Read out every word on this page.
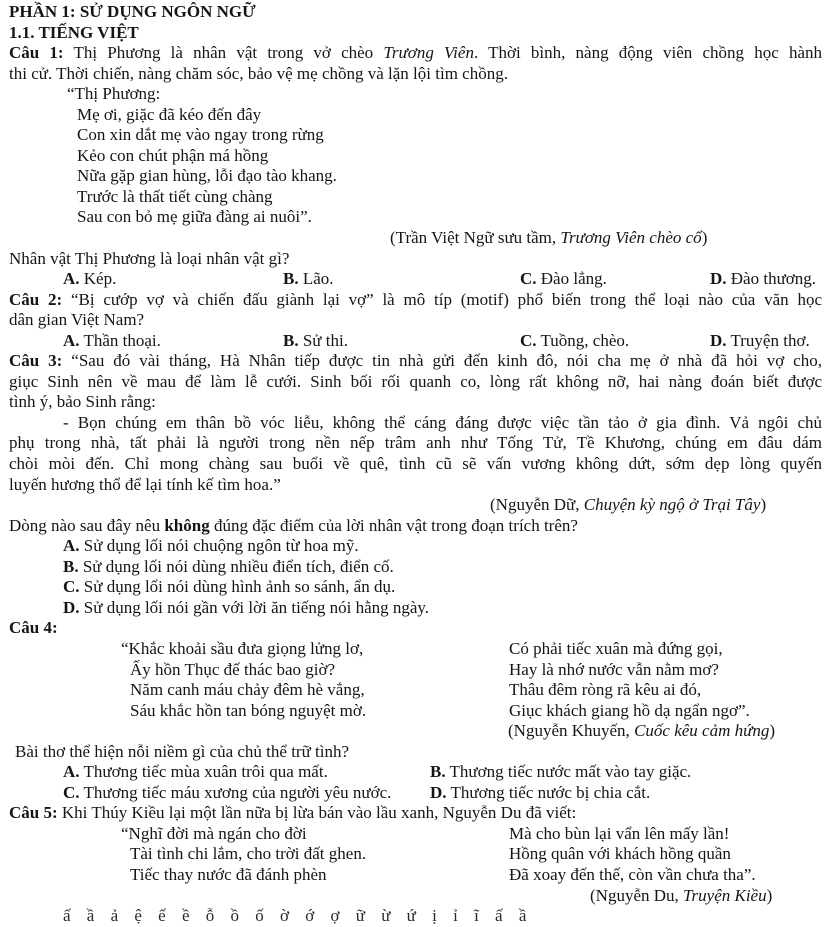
PHẦN 1: SỬ DỤNG NGÔN NGỮ
1.1. TIẾNG VIỆT
Câu 1: Thị Phương là nhân vật trong vở chèo Trương Viên. Thời bình, nàng động viên chồng học hành
thi cử. Thời chiến, nàng chăm sóc, bảo vệ mẹ chồng và lặn lội tìm chồng.
“Thị Phương:
Mẹ ơi, giặc đã kéo đến đây
Con xin dắt mẹ vào ngay trong rừng
Kẻo con chút phận má hồng
Nữa gặp gian hùng, lỗi đạo tào khang.
Trước là thất tiết cùng chàng
Sau con bỏ mẹ giữa đàng ai nuôi”.
(Trần Việt Ngữ sưu tầm, Trương Viên chèo cổ)
Nhân vật Thị Phương là loại nhân vật gì?
A. Kép.	B. Lão.	C. Đào lẳng.	D. Đào thương.
Câu 2: “Bị cướp vợ và chiến đấu giành lại vợ” là mô típ (motif) phổ biến trong thể loại nào của văn học
dân gian Việt Nam?
A. Thần thoại.	B. Sử thi.	C. Tuồng, chèo.	D. Truyện thơ.
Câu 3: “Sau đó vài tháng, Hà Nhân tiếp được tin nhà gửi đến kinh đô, nói cha mẹ ở nhà đã hỏi vợ cho,
giục Sinh nên về mau để làm lễ cưới. Sinh bối rối quanh co, lòng rất không nỡ, hai nàng đoán biết được
tình ý, bảo Sinh rằng:
- Bọn chúng em thân bồ vóc liễu, không thể cáng đáng được việc tần tảo ở gia đình. Vả ngôi chủ
phụ trong nhà, tất phải là người trong nền nếp trâm anh như Tống Tử, Tề Khương, chúng em đâu dám
chòi mòi đến. Chỉ mong chàng sau buổi về quê, tình cũ sẽ vấn vương không dứt, sớm dẹp lòng quyến
luyến hương thổ để lại tính kế tìm hoa.”
(Nguyễn Dữ, Chuyện kỳ ngộ ở Trại Tây)
Dòng nào sau đây nêu không đúng đặc điểm của lời nhân vật trong đoạn trích trên?
A. Sử dụng lối nói chuộng ngôn từ hoa mỹ.
B. Sử dụng lối nói dùng nhiều điển tích, điển cố.
C. Sử dụng lối nói dùng hình ảnh so sánh, ẩn dụ.
D. Sử dụng lối nói gần với lời ăn tiếng nói hằng ngày.
Câu 4:
“Khắc khoải sầu đưa giọng lửng lơ,	Có phải tiếc xuân mà đứng gọi,
Ấy hồn Thục đế thác bao giờ?	Hay là nhớ nước vẫn nằm mơ?
Năm canh máu chảy đêm hè vắng,	Thâu đêm ròng rã kêu ai đó,
Sáu khắc hồn tan bóng nguyệt mờ.	Giục khách giang hồ dạ ngẩn ngơ”.
(Nguyễn Khuyến, Cuốc kêu cảm hứng)
Bài thơ thể hiện nỗi niềm gì của chủ thể trữ tình?
A. Thương tiếc mùa xuân trôi qua mất.	B. Thương tiếc nước mất vào tay giặc.
C. Thương tiếc máu xương của người yêu nước. D. Thương tiếc nước bị chia cắt.
Câu 5: Khi Thúy Kiều lại một lần nữa bị lừa bán vào lầu xanh, Nguyễn Du đã viết:
“Nghĩ đời mà ngán cho đời	Mà cho bùn lại vẩn lên mấy lần!
Tài tình chi lắm, cho trời đất ghen.	Hồng quân với khách hồng quần
Tiếc thay nước đã đánh phèn	Đã xoay đến thế, còn vần chưa tha”.
(Nguyễn Du, Truyện Kiều)
ấ ầ ả ệ ế ề ỗ ồ ố ờ ớ ợ ữ ừ ứ ị ỉ ĩ ấ ầ
